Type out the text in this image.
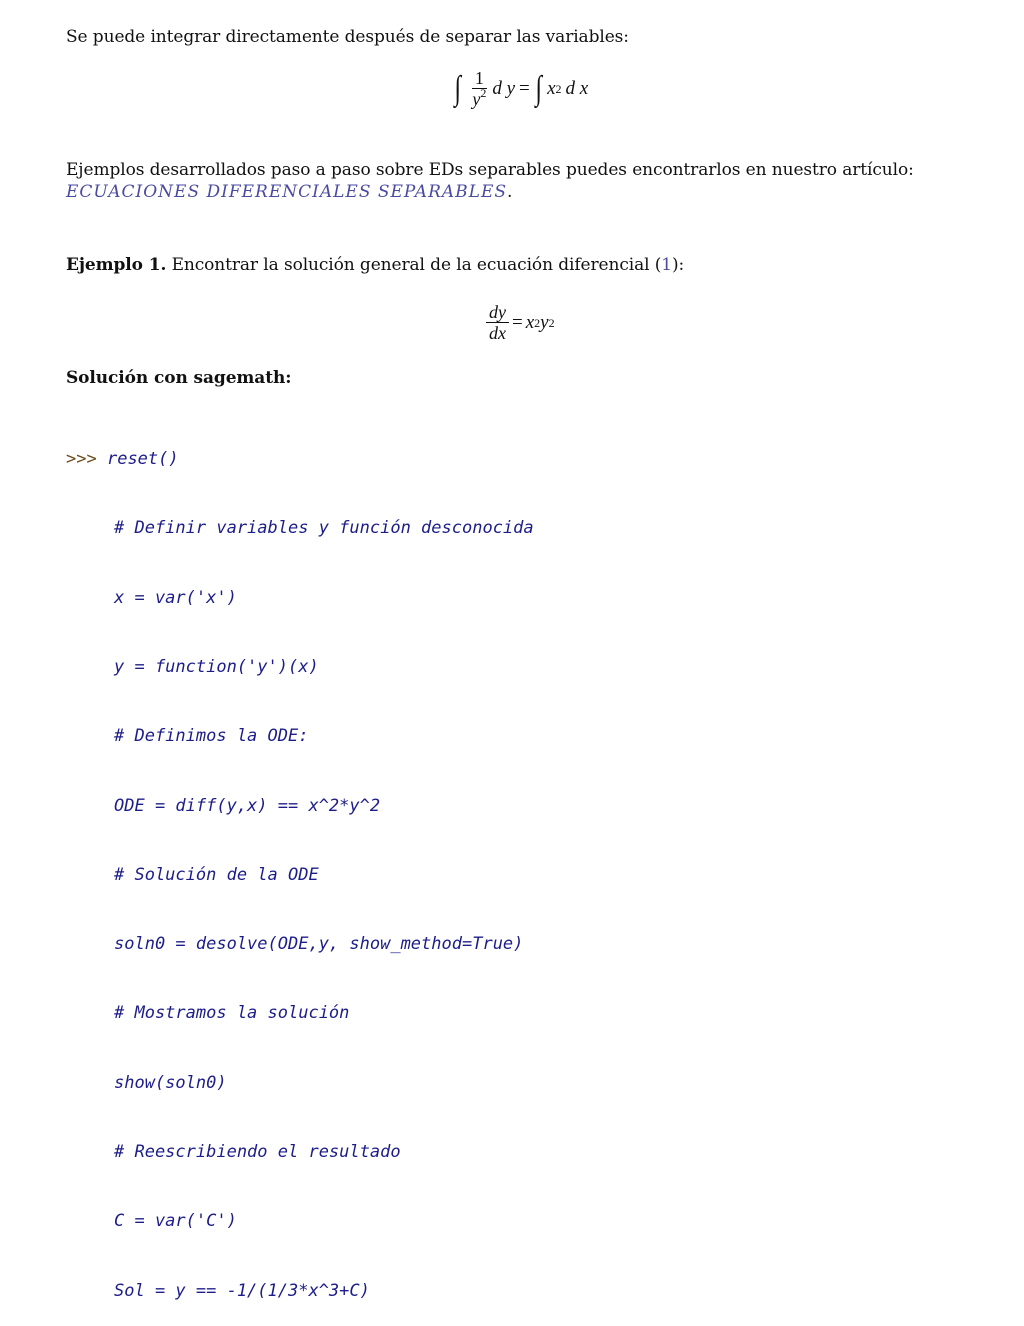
Se puede integrar directamente después de separar las variables:
∫ $\frac{1}{y^2}$ d y = ∫ x 2 d x
Ejemplos desarrollados paso a paso sobre EDs separables puedes encontrarlos en nuestro artículo:
ECUACIONES DIFERENCIALES SEPARABLES.
Ejemplo 1. Encontrar la solución general de la ecuación diferencial (1):
$\frac{dy}{dx} = x$ 2 y 2
Solución con sagemath:

>>> reset()

# Definir variables y función desconocida

x = var('x')

y = function('y')(x)

# Definimos la ODE:

ODE = diff(y,x) == x^2*y^2

# Solución de la ODE

soln0 = desolve(ODE,y, show_method=True)

# Mostramos la solución

show(soln0)

# Reescribiendo el resultado

C = var('C')

Sol = y == -1/(1/3*x^3+C)
